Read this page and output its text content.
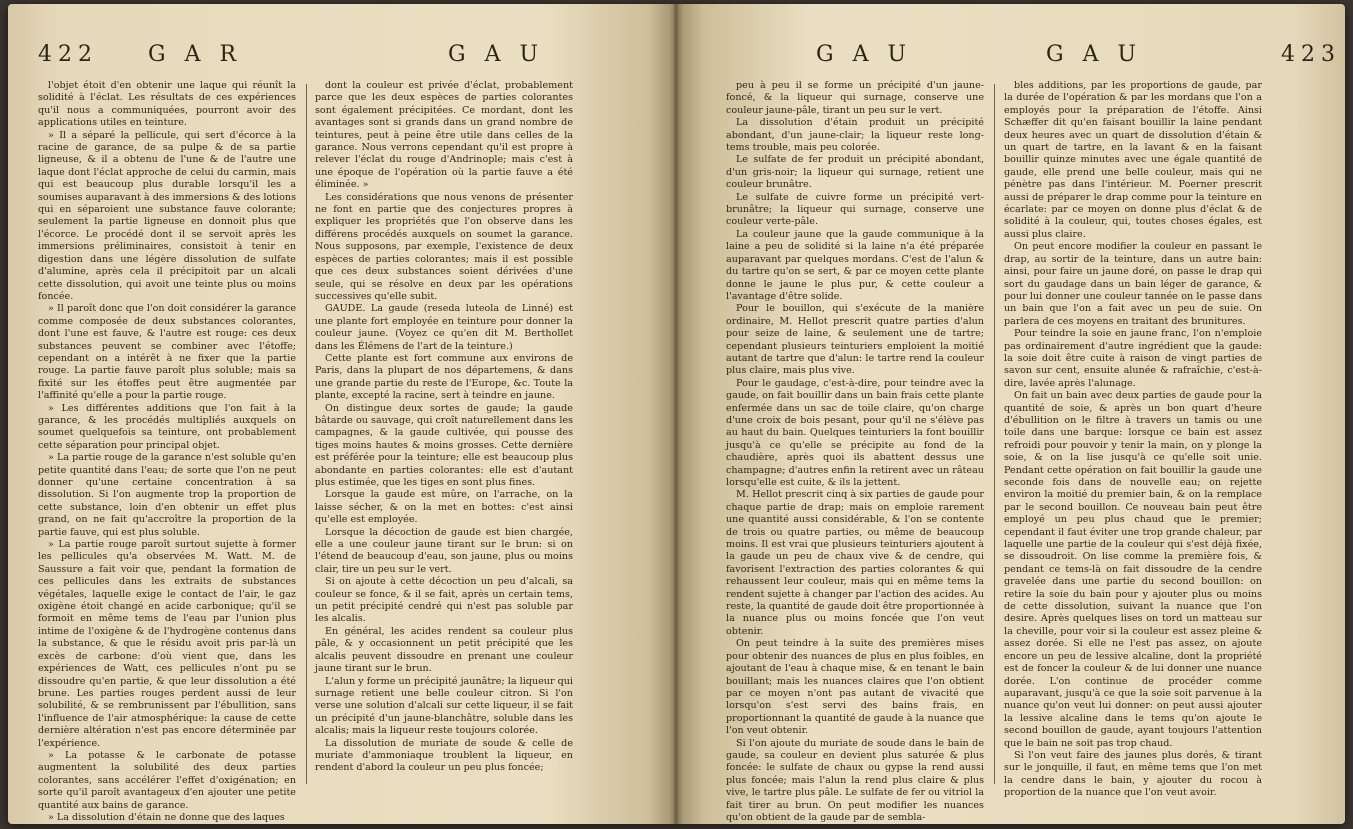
422 G A R	G A U

l'objet étoit d'en obtenir une laque qui réunît la solidité à l'éclat. Les résultats de ces expériences qu'il nous a communiquées, pourront avoir des applications utiles en teinture.

» Il a séparé la pellicule, qui sert d'écorce à la racine de garance, de sa pulpe & de sa partie ligneuse, & il a obtenu de l'une & de l'autre une laque dont l'éclat approche de celui du carmin, mais qui est beaucoup plus durable lorsqu'il les a soumises auparavant à des immersions & des lotions qui en séparoient une substance fauve colorante; seulement la partie ligneuse en donnoit plus que l'écorce. Le procédé dont il se servoit après les immersions préliminaires, consistoit à tenir en digestion dans une légère dissolution de sulfate d'alumine, après cela il précipitoit par un alcali cette dissolution, qui avoit une teinte plus ou moins foncée.

» Il paroît donc que l'on doit considérer la garance comme composée de deux substances colorantes, dont l'une est fauve, & l'autre est rouge: ces deux substances peuvent se combiner avec l'étoffe; cependant on a intérêt à ne fixer que la partie rouge. La partie fauve paroît plus soluble; mais sa fixité sur les étoffes peut être augmentée par l'affinité qu'elle a pour la partie rouge.

» Les différentes additions que l'on fait à la garance, & les procédés multipliés auxquels on soumet quelquefois sa teinture, ont probablement cette séparation pour principal objet.

» La partie rouge de la garance n'est soluble qu'en petite quantité dans l'eau; de sorte que l'on ne peut donner qu'une certaine concentration à sa dissolution. Si l'on augmente trop la proportion de cette substance, loin d'en obtenir un effet plus grand, on ne fait qu'accroître la proportion de la partie fauve, qui est plus soluble.

» La partie rouge paroît surtout sujette à former les pellicules qu'a observées M. Watt. M. de Saussure a fait voir que, pendant la formation de ces pellicules dans les extraits de substances végétales, laquelle exige le contact de l'air, le gaz oxigène étoit changé en acide carbonique; qu'il se formoit en même tems de l'eau par l'union plus intime de l'oxigène & de l'hydrogène contenus dans la substance, & que le résidu avoit pris par-là un excès de carbone: d'où vient que, dans les expériences de Watt, ces pellicules n'ont pu se dissoudre qu'en partie, & que leur dissolution a été brune. Les parties rouges perdent aussi de leur solubilité, & se rembrunissent par l'ébullition, sans l'influence de l'air atmosphérique: la cause de cette dernière altération n'est pas encore déterminée par l'expérience.

» La potasse & le carbonate de potasse augmentent la solubilité des deux parties colorantes, sans accélérer l'effet d'oxigénation; en sorte qu'il paroît avantageux d'en ajouter une petite quantité aux bains de garance.

» La dissolution d'étain ne donne que des laques

dont la couleur est privée d'éclat, probablement parce que les deux espèces de parties colorantes sont également précipitées. Ce mordant, dont les avantages sont si grands dans un grand nombre de teintures, peut à peine être utile dans celles de la garance. Nous verrons cependant qu'il est propre à relever l'éclat du rouge d'Andrinople; mais c'est à une époque de l'opération où la partie fauve a été éliminée. »

Les considérations que nous venons de présenter ne font en partie que des conjectures propres à expliquer les propriétés que l'on observe dans les différens procédés auxquels on soumet la garance. Nous supposons, par exemple, l'existence de deux espèces de parties colorantes; mais il est possible que ces deux substances soient dérivées d'une seule, qui se résolve en deux par les opérations successives qu'elle subit.

GAUDE. La gaude (reseda luteola de Linné) est une plante fort employée en teinture pour donner la couleur jaune. (Voyez ce qu'en dit M. Berthollet dans les Élémens de l'art de la teinture.)

Cette plante est fort commune aux environs de Paris, dans la plupart de nos départemens, & dans une grande partie du reste de l'Europe, &c. Toute la plante, excepté la racine, sert à teindre en jaune.

On distingue deux sortes de gaude; la gaude bâtarde ou sauvage, qui croît naturellement dans les campagnes, & la gaude cultivée, qui pousse des tiges moins hautes & moins grosses. Cette dernière est préférée pour la teinture; elle est beaucoup plus abondante en parties colorantes: elle est d'autant plus estimée, que les tiges en sont plus fines.

Lorsque la gaude est mûre, on l'arrache, on la laisse sécher, & on la met en bottes: c'est ainsi qu'elle est employée.

Lorsque la décoction de gaude est bien chargée, elle a une couleur jaune tirant sur le brun: si on l'étend de beaucoup d'eau, son jaune, plus ou moins clair, tire un peu sur le vert.

Si on ajoute à cette décoction un peu d'alcali, sa couleur se fonce, & il se fait, après un certain tems, un petit précipité cendré qui n'est pas soluble par les alcalis.

En général, les acides rendent sa couleur plus pâle, & y occasionnent un petit précipité que les alcalis peuvent dissoudre en prenant une couleur jaune tirant sur le brun.

L'alun y forme un précipité jaunâtre; la liqueur qui surnage retient une belle couleur citron. Si l'on verse une solution d'alcali sur cette liqueur, il se fait un précipité d'un jaune-blanchâtre, soluble dans les alcalis; mais la liqueur reste toujours colorée.

La dissolution de muriate de soude & celle de muriate d'ammoniaque troublent la liqueur, en rendent d'abord la couleur un peu plus foncée;

G A U	G A U	423

peu à peu il se forme un précipité d'un jaune-foncé, & la liqueur qui surnage, conserve une couleur jaune-pâle, tirant un peu sur le vert.

La dissolution d'étain produit un précipité abondant, d'un jaune-clair; la liqueur reste long-tems trouble, mais peu colorée.

Le sulfate de fer produit un précipité abondant, d'un gris-noir; la liqueur qui surnage, retient une couleur brunâtre.

Le sulfate de cuivre forme un précipité vert-brunâtre; la liqueur qui surnage, conserve une couleur verte-pâle.

La couleur jaune que la gaude communique à la laine a peu de solidité si la laine n'a été préparée auparavant par quelques mordans. C'est de l'alun & du tartre qu'on se sert, & par ce moyen cette plante donne le jaune le plus pur, & cette couleur a l'avantage d'être solide.

Pour le bouillon, qui s'exécute de la manière ordinaire, M. Hellot prescrit quatre parties d'alun pour seize de laine, & seulement une de tartre; cependant plusieurs teinturiers emploient la moitié autant de tartre que d'alun: le tartre rend la couleur plus claire, mais plus vive.

Pour le gaudage, c'est-à-dire, pour teindre avec la gaude, on fait bouillir dans un bain frais cette plante enfermée dans un sac de toile claire, qu'on charge d'une croix de bois pesant, pour qu'il ne s'élève pas au haut du bain. Quelques teinturiers la font bouillir jusqu'à ce qu'elle se précipite au fond de la chaudière, après quoi ils abattent dessus une champagne; d'autres enfin la retirent avec un râteau lorsqu'elle est cuite, & ils la jettent.

M. Hellot prescrit cinq à six parties de gaude pour chaque partie de drap; mais on emploie rarement une quantité aussi considérable, & l'on se contente de trois ou quatre parties, ou même de beaucoup moins. Il est vrai que plusieurs teinturiers ajoutent à la gaude un peu de chaux vive & de cendre, qui favorisent l'extraction des parties colorantes & qui rehaussent leur couleur, mais qui en même tems la rendent sujette à changer par l'action des acides. Au reste, la quantité de gaude doit être proportionnée à la nuance plus ou moins foncée que l'on veut obtenir.

On peut teindre à la suite des premières mises pour obtenir des nuances de plus en plus foibles, en ajoutant de l'eau à chaque mise, & en tenant le bain bouillant; mais les nuances claires que l'on obtient par ce moyen n'ont pas autant de vivacité que lorsqu'on s'est servi des bains frais, en proportionnant la quantité de gaude à la nuance que l'on veut obtenir.

Si l'on ajoute du muriate de soude dans le bain de gaude, sa couleur en devient plus saturée & plus foncée: le sulfate de chaux ou gypse la rend aussi plus foncée; mais l'alun la rend plus claire & plus vive, le tartre plus pâle. Le sulfate de fer ou vitriol la fait tirer au brun. On peut modifier les nuances qu'on obtient de la gaude par de sembla-

bles additions, par les proportions de gaude, par la durée de l'opération & par les mordans que l'on a employés pour la préparation de l'étoffe. Ainsi Schæffer dit qu'en faisant bouillir la laine pendant deux heures avec un quart de dissolution d'étain & un quart de tartre, en la lavant & en la faisant bouillir quinze minutes avec une égale quantité de gaude, elle prend une belle couleur, mais qui ne pénètre pas dans l'intérieur. M. Poerner prescrit aussi de préparer le drap comme pour la teinture en écarlate: par ce moyen on donne plus d'éclat & de solidité à la couleur, qui, toutes choses égales, est aussi plus claire.

On peut encore modifier la couleur en passant le drap, au sortir de la teinture, dans un autre bain: ainsi, pour faire un jaune doré, on passe le drap qui sort du gaudage dans un bain léger de garance, & pour lui donner une couleur tannée on le passe dans un bain que l'on a fait avec un peu de suie. On parlera de ces moyens en traitant des brunitures.

Pour teindre la soie en jaune franc, l'on n'emploie pas ordinairement d'autre ingrédient que la gaude: la soie doit être cuite à raison de vingt parties de savon sur cent, ensuite alunée & rafraîchie, c'est-à-dire, lavée après l'alunage.

On fait un bain avec deux parties de gaude pour la quantité de soie, & après un bon quart d'heure d'ébullition on le filtre à travers un tamis ou une toile dans une barque: lorsque ce bain est assez refroidi pour pouvoir y tenir la main, on y plonge la soie, & on la lise jusqu'à ce qu'elle soit unie. Pendant cette opération on fait bouillir la gaude une seconde fois dans de nouvelle eau; on rejette environ la moitié du premier bain, & on la remplace par le second bouillon. Ce nouveau bain peut être employé un peu plus chaud que le premier; cependant il faut éviter une trop grande chaleur, par laquelle une partie de la couleur qui s'est déjà fixée, se dissoudroit. On lise comme la première fois, & pendant ce tems-là on fait dissoudre de la cendre gravelée dans une partie du second bouillon: on retire la soie du bain pour y ajouter plus ou moins de cette dissolution, suivant la nuance que l'on desire. Après quelques lises on tord un matteau sur la cheville, pour voir si la couleur est assez pleine & assez dorée. Si elle ne l'est pas assez, on ajoute encore un peu de lessive alcaline, dont la propriété est de foncer la couleur & de lui donner une nuance dorée. L'on continue de procéder comme auparavant, jusqu'à ce que la soie soit parvenue à la nuance qu'on veut lui donner: on peut aussi ajouter la lessive alcaline dans le tems qu'on ajoute le second bouillon de gaude, ayant toujours l'attention que le bain ne soit pas trop chaud.

Si l'on veut faire des jaunes plus dorés, & tirant sur le jonquille, il faut, en même tems que l'on met la cendre dans le bain, y ajouter du rocou à proportion de la nuance que l'on veut avoir.
